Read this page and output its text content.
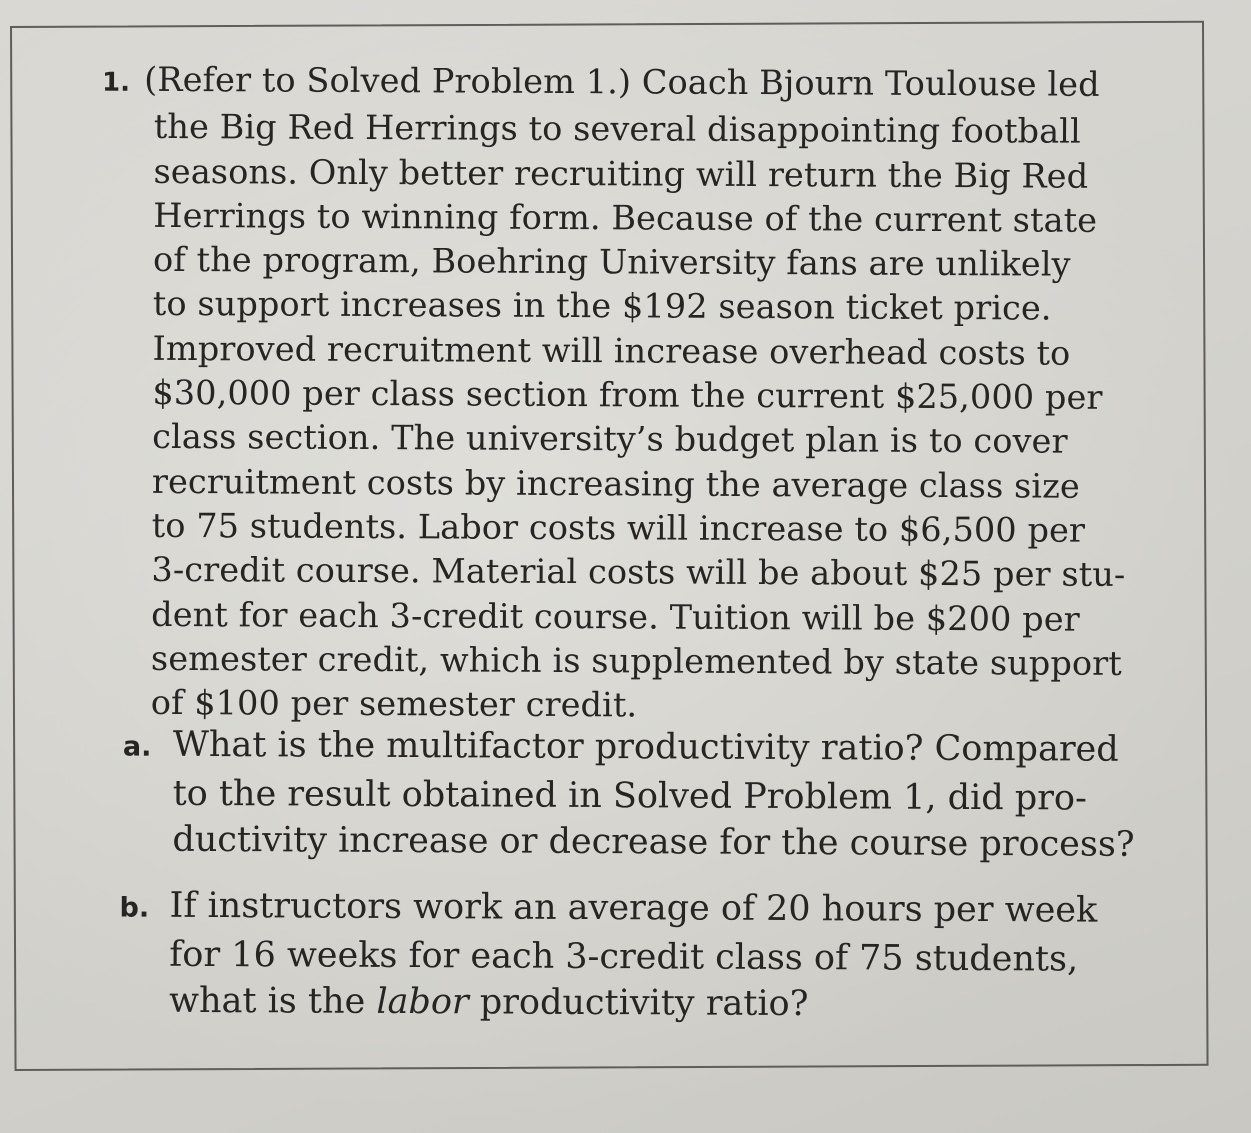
1. (Refer to Solved Problem 1.) Coach Bjourn Toulouse led
the Big Red Herrings to several disappointing football
seasons. Only better recruiting will return the Big Red
Herrings to winning form. Because of the current state
of the program, Boehring University fans are unlikely
to support increases in the $192 season ticket price.
Improved recruitment will increase overhead costs to
$30,000 per class section from the current $25,000 per
class section. The university’s budget plan is to cover
recruitment costs by increasing the average class size
to 75 students. Labor costs will increase to $6,500 per
3-credit course. Material costs will be about $25 per stu-
dent for each 3-credit course. Tuition will be $200 per
semester credit, which is supplemented by state support
of $100 per semester credit.
a. What is the multifactor productivity ratio? Compared
to the result obtained in Solved Problem 1, did pro-
ductivity increase or decrease for the course process?
b. If instructors work an average of 20 hours per week
for 16 weeks for each 3-credit class of 75 students,
what is the labor productivity ratio?
